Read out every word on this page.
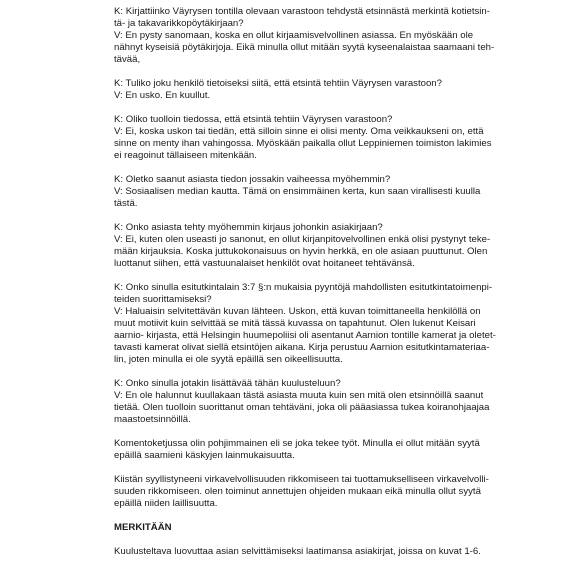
K: Kirjattiinko Väyrysen tontilla olevaan varastoon tehdystä etsinnästä merkintä kotietsin-
tä- ja takavarikkopöytäkirjaan?
V: En pysty sanomaan, koska en ollut kirjaamisvelvollinen asiassa. En myöskään ole
nähnyt kyseisiä pöytäkirjoja. Eikä minulla ollut mitään syytä kyseenalaistaa saamaani teh-
tävää,
K: Tuliko joku henkilö tietoiseksi siitä, että etsintä tehtiin Väyrysen varastoon?
V: En usko. En kuullut.
K: Oliko tuolloin tiedossa, että etsintä tehtiin Väyrysen varastoon?
V: Ei, koska uskon tai tiedän, että silloin sinne ei olisi menty. Oma veikkaukseni on, että
sinne on menty ihan vahingossa. Myöskään paikalla ollut Leppiniemen toimiston lakimies
ei reagoinut tällaiseen mitenkään.
K: Oletko saanut asiasta tiedon jossakin vaiheessa myöhemmin?
V: Sosiaalisen median kautta. Tämä on ensimmäinen kerta, kun saan virallisesti kuulla
tästä.
K: Onko asiasta tehty myöhemmin kirjaus johonkin asiakirjaan?
V: Ei, kuten olen useasti jo sanonut, en ollut kirjanpitovelvollinen enkä olisi pystynyt teke-
mään kirjauksia. Koska juttukokonaisuus on hyvin herkkä, en ole asiaan puuttunut. Olen
luottanut siihen, että vastuunalaiset henkilöt ovat hoitaneet tehtävänsä.
K: Onko sinulla esitutkintalain 3:7 §:n mukaisia pyyntöjä mahdollisten esitutkintatoimenpi-
teiden suorittamiseksi?
V: Haluaisin selvitettävän kuvan lähteen. Uskon, että kuvan toimittaneella henkilöllä on
muut motiivit kuin selvittää se mitä tässä kuvassa on tapahtunut. Olen lukenut Keisari
aarnio- kirjasta, että Helsingin huumepoliisi oli asentanut Aarnion tontille kamerat ja oletet-
tavasti kamerat olivat siellä etsintöjen aikana. Kirja perustuu Aarnion esitutkintamateriaa-
lin, joten minulla ei ole syytä epäillä sen oikeellisuutta.
K: Onko sinulla jotakin lisättävää tähän kuulusteluun?
V: En ole halunnut kuullakaan tästä asiasta muuta kuin sen mitä olen etsinnöillä saanut
tietää. Olen tuolloin suorittanut oman tehtäväni, joka oli pääasiassa tukea koiranohjaajaa
maastoetsinnöillä.
Komentoketjussa olin pohjimmainen eli se joka tekee työt. Minulla ei ollut mitään syytä
epäillä saamieni käskyjen lainmukaisuutta.
Kiistän syyllistyneeni virkavelvollisuuden rikkomiseen tai tuottamukselliseen virkavelvolli-
suuden rikkomiseen. olen toiminut annettujen ohjeiden mukaan eikä minulla ollut syytä
epäillä niiden laillisuutta.
MERKITÄÄN
Kuulusteltava luovuttaa asian selvittämiseksi laatimansa asiakirjat, joissa on kuvat 1-6.
